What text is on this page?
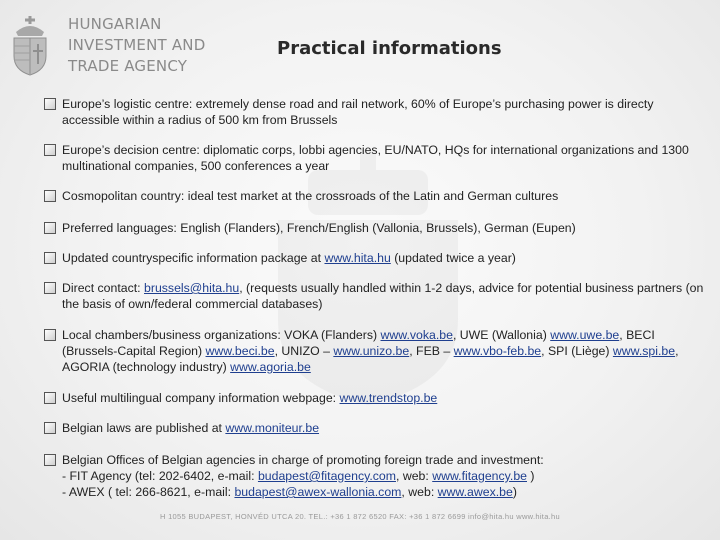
HUNGARIAN
INVESTMENT AND
TRADE AGENCY

Practical informations

Europe’s logistic centre: extremely dense road and rail network, 60% of Europe’s purchasing power is directy accessible within a radius of 500 km from Brussels

Europe’s decision centre: diplomatic corps, lobbi agencies, EU/NATO, HQs for international organizations and 1300 multinational companies, 500 conferences a year

Cosmopolitan country: ideal test market at the crossroads of the Latin and German cultures

Preferred languages: English (Flanders), French/English (Vallonia, Brussels), German (Eupen)

Updated countryspecific information package at www.hita.hu (updated twice a year)

Direct contact: brussels@hita.hu, (requests usually handled within 1-2 days, advice for potential business partners (on the basis of own/federal commercial databases)

Local chambers/business organizations: VOKA (Flanders) www.voka.be, UWE (Wallonia) www.uwe.be, BECI (Brussels-Capital Region) www.beci.be, UNIZO – www.unizo.be, FEB – www.vbo-feb.be, SPI (Liège) www.spi.be, AGORIA (technology industry) www.agoria.be

Useful multilingual company information webpage: www.trendstop.be

Belgian laws are published at www.moniteur.be

Belgian Offices of Belgian agencies in charge of promoting foreign trade and investment:
- FIT Agency (tel: 202-6402, e-mail: budapest@fitagency.com, web: www.fitagency.be )
- AWEX ( tel: 266-8621, e-mail: budapest@awex-wallonia.com, web: www.awex.be)

H 1055 BUDAPEST, HONVÉD UTCA 20. TEL.: +36 1 872 6520 FAX: +36 1 872 6699 info@hita.hu www.hita.hu
